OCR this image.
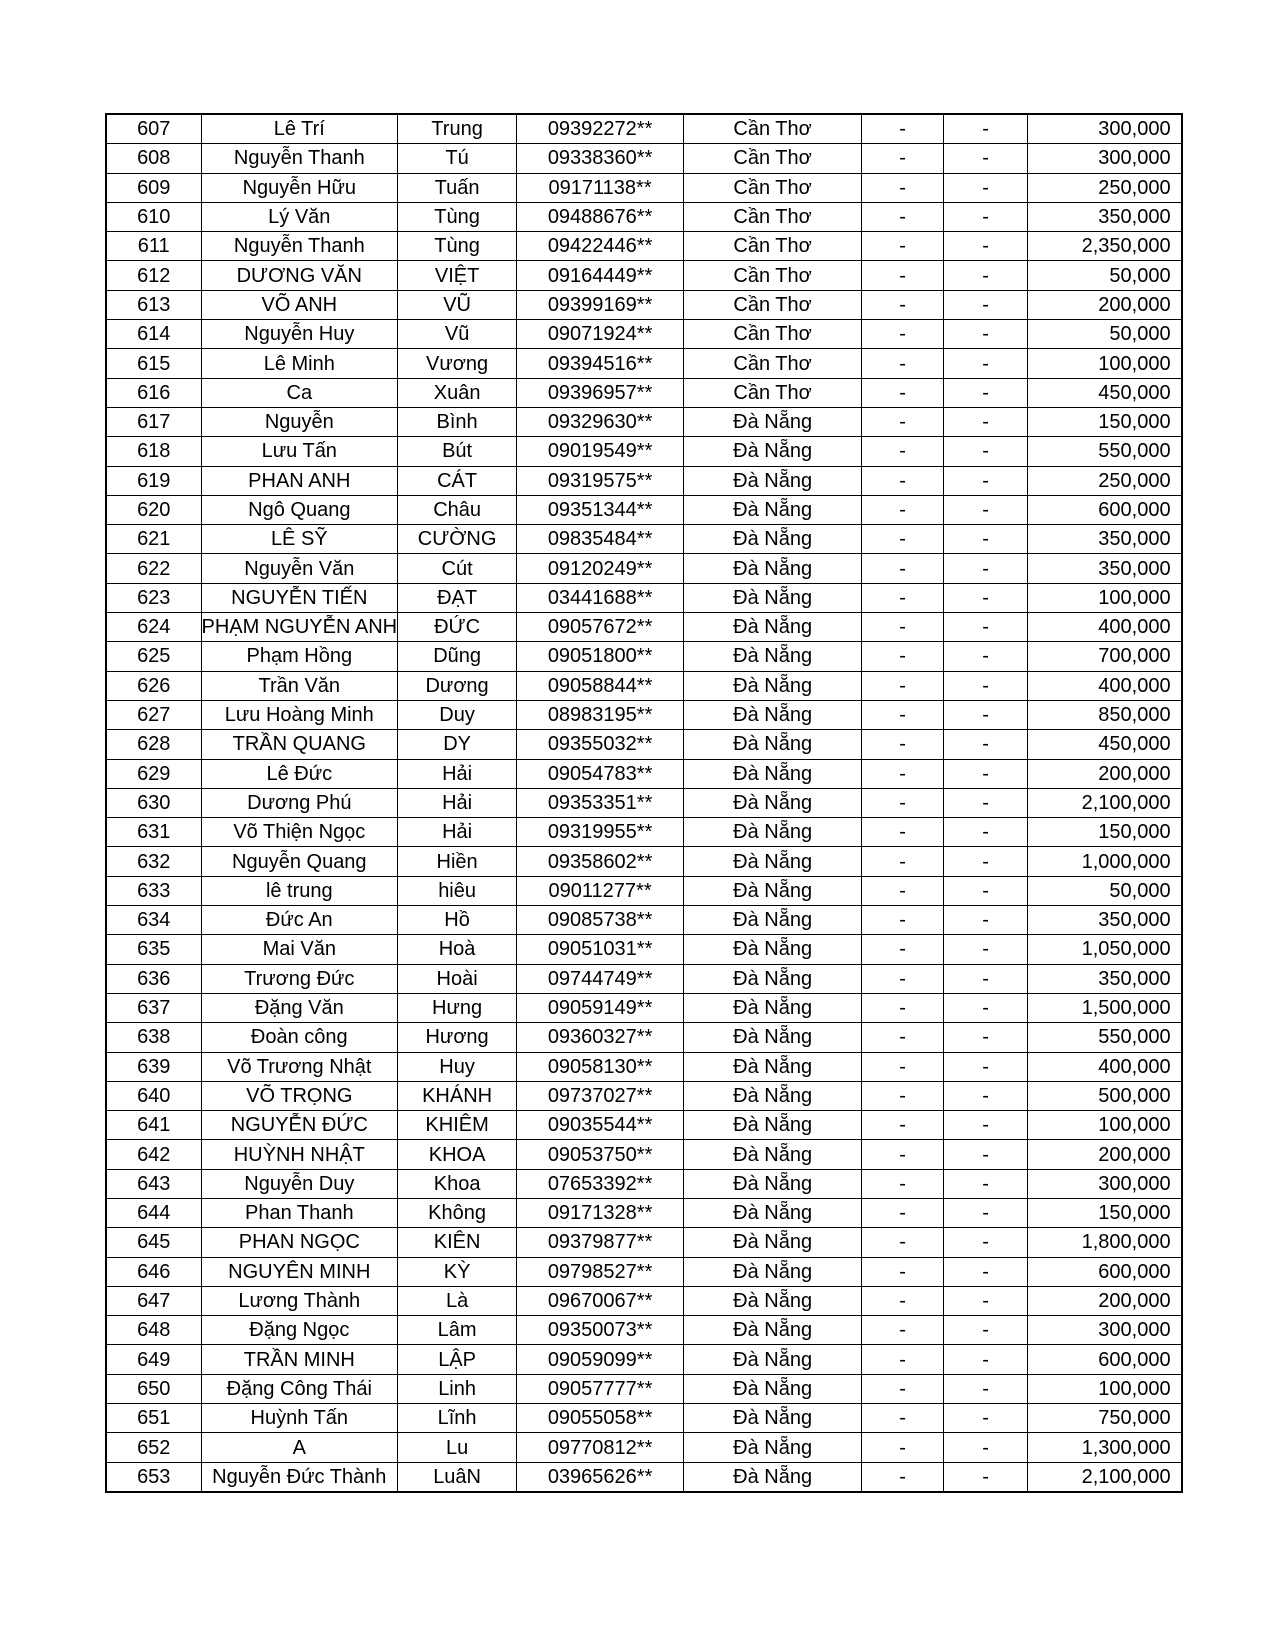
607	Lê Trí	Trung	09392272**	Cần Thơ	-	-	300,000
608	Nguyễn Thanh	Tú	09338360**	Cần Thơ	-	-	300,000
609	Nguyễn Hữu	Tuấn	09171138**	Cần Thơ	-	-	250,000
610	Lý Văn	Tùng	09488676**	Cần Thơ	-	-	350,000
611	Nguyễn Thanh	Tùng	09422446**	Cần Thơ	-	-	2,350,000
612	DƯƠNG VĂN	VIỆT	09164449**	Cần Thơ	-	-	50,000
613	VÕ ANH	VŨ	09399169**	Cần Thơ	-	-	200,000
614	Nguyễn Huy	Vũ	09071924**	Cần Thơ	-	-	50,000
615	Lê Minh	Vương	09394516**	Cần Thơ	-	-	100,000
616	Ca	Xuân	09396957**	Cần Thơ	-	-	450,000
617	Nguyễn	Bình	09329630**	Đà Nẵng	-	-	150,000
618	Lưu Tấn	Bút	09019549**	Đà Nẵng	-	-	550,000
619	PHAN ANH	CÁT	09319575**	Đà Nẵng	-	-	250,000
620	Ngô Quang	Châu	09351344**	Đà Nẵng	-	-	600,000
621	LÊ SỸ	CƯỜNG	09835484**	Đà Nẵng	-	-	350,000
622	Nguyễn Văn	Cút	09120249**	Đà Nẵng	-	-	350,000
623	NGUYỄN TIẾN	ĐẠT	03441688**	Đà Nẵng	-	-	100,000
624	PHẠM NGUYỄN ANH	ĐỨC	09057672**	Đà Nẵng	-	-	400,000
625	Phạm Hồng	Dũng	09051800**	Đà Nẵng	-	-	700,000
626	Trần Văn	Dương	09058844**	Đà Nẵng	-	-	400,000
627	Lưu Hoàng Minh	Duy	08983195**	Đà Nẵng	-	-	850,000
628	TRẦN QUANG	DY	09355032**	Đà Nẵng	-	-	450,000
629	Lê Đức	Hải	09054783**	Đà Nẵng	-	-	200,000
630	Dương Phú	Hải	09353351**	Đà Nẵng	-	-	2,100,000
631	Võ Thiện Ngọc	Hải	09319955**	Đà Nẵng	-	-	150,000
632	Nguyễn Quang	Hiền	09358602**	Đà Nẵng	-	-	1,000,000
633	lê trung	hiêu	09011277**	Đà Nẵng	-	-	50,000
634	Đức An	Hồ	09085738**	Đà Nẵng	-	-	350,000
635	Mai Văn	Hoà	09051031**	Đà Nẵng	-	-	1,050,000
636	Trương Đức	Hoài	09744749**	Đà Nẵng	-	-	350,000
637	Đặng Văn	Hưng	09059149**	Đà Nẵng	-	-	1,500,000
638	Đoàn công	Hương	09360327**	Đà Nẵng	-	-	550,000
639	Võ Trương Nhật	Huy	09058130**	Đà Nẵng	-	-	400,000
640	VÕ TRỌNG	KHÁNH	09737027**	Đà Nẵng	-	-	500,000
641	NGUYỄN ĐỨC	KHIÊM	09035544**	Đà Nẵng	-	-	100,000
642	HUỲNH NHẬT	KHOA	09053750**	Đà Nẵng	-	-	200,000
643	Nguyễn Duy	Khoa	07653392**	Đà Nẵng	-	-	300,000
644	Phan Thanh	Không	09171328**	Đà Nẵng	-	-	150,000
645	PHAN NGỌC	KIÊN	09379877**	Đà Nẵng	-	-	1,800,000
646	NGUYÊN MINH	KỲ	09798527**	Đà Nẵng	-	-	600,000
647	Lương Thành	Là	09670067**	Đà Nẵng	-	-	200,000
648	Đặng Ngọc	Lâm	09350073**	Đà Nẵng	-	-	300,000
649	TRẦN MINH	LẬP	09059099**	Đà Nẵng	-	-	600,000
650	Đặng Công Thái	Linh	09057777**	Đà Nẵng	-	-	100,000
651	Huỳnh Tấn	Lĩnh	09055058**	Đà Nẵng	-	-	750,000
652	A	Lu	09770812**	Đà Nẵng	-	-	1,300,000
653	Nguyễn Đức Thành	LuâN	03965626**	Đà Nẵng	-	-	2,100,000
